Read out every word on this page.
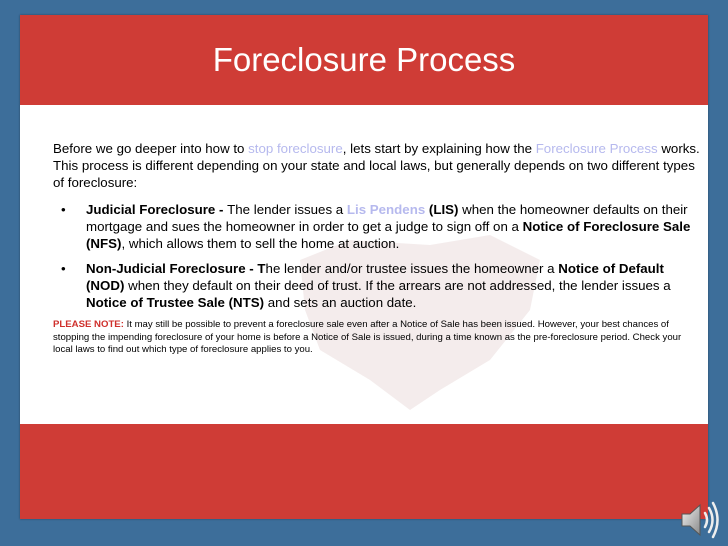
Foreclosure Process

Before we go deeper into how to stop foreclosure, lets start by explaining how the Foreclosure Process works. This process is different depending on your state and local laws, but generally depends on two different types of foreclosure:

• Judicial Foreclosure - The lender issues a Lis Pendens (LIS) when the homeowner defaults on their mortgage and sues the homeowner in order to get a judge to sign off on a Notice of Foreclosure Sale (NFS), which allows them to sell the home at auction.
• Non-Judicial Foreclosure - The lender and/or trustee issues the homeowner a Notice of Default (NOD) when they default on their deed of trust. If the arrears are not addressed, the lender issues a Notice of Trustee Sale (NTS) and sets an auction date.

PLEASE NOTE: It may still be possible to prevent a foreclosure sale even after a Notice of Sale has been issued. However, your best chances of stopping the impending foreclosure of your home is before a Notice of Sale is issued, during a time known as the pre-foreclosure period. Check your local laws to find out which type of foreclosure applies to you.
